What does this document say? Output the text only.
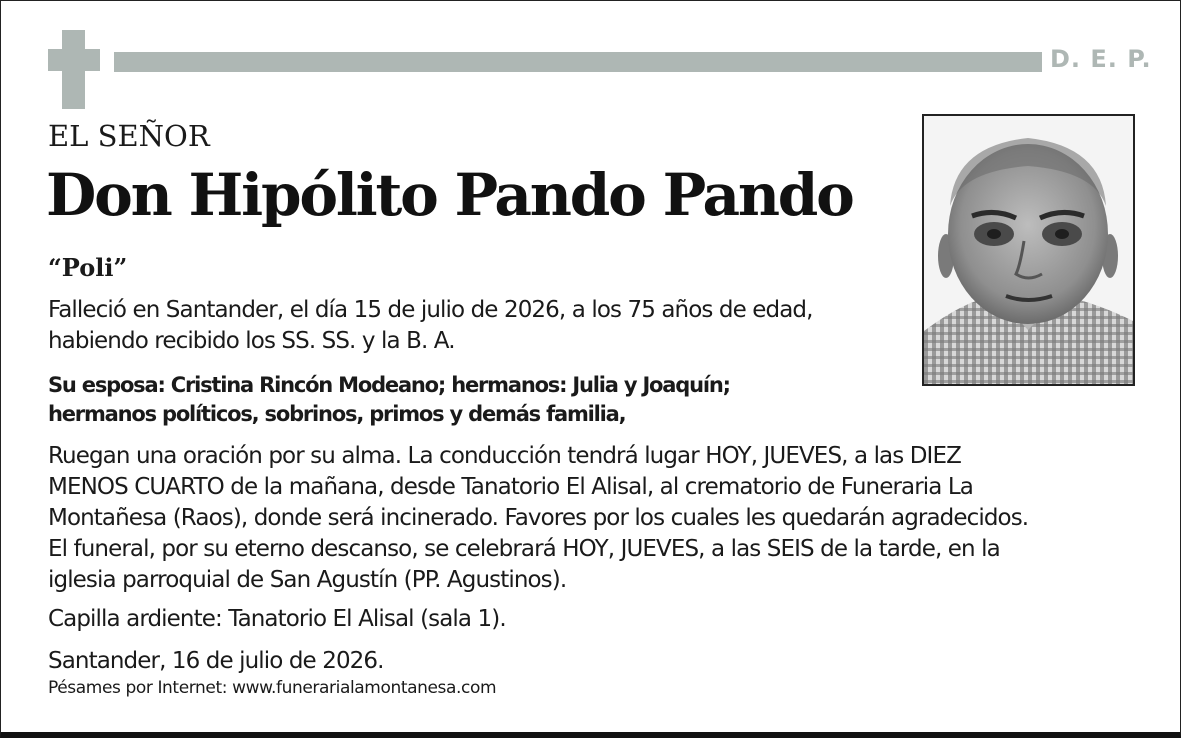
D. E. P.
EL SEÑOR
Don Hipólito Pando Pando
“Poli”
Falleció en Santander, el día 15 de julio de 2026, a los 75 años de edad,
habiendo recibido los SS. SS. y la B. A.
Su esposa: Cristina Rincón Modeano; hermanos: Julia y Joaquín;
hermanos políticos, sobrinos, primos y demás familia,
Ruegan una oración por su alma. La conducción tendrá lugar HOY, JUEVES, a las DIEZ
MENOS CUARTO de la mañana, desde Tanatorio El Alisal, al crematorio de Funeraria La
Montañesa (Raos), donde será incinerado. Favores por los cuales les quedarán agradecidos.
El funeral, por su eterno descanso, se celebrará HOY, JUEVES, a las SEIS de la tarde, en la
iglesia parroquial de San Agustín (PP. Agustinos).
Capilla ardiente: Tanatorio El Alisal (sala 1).
Santander, 16 de julio de 2026.
Pésames por Internet: www.funerarialamontanesa.com
